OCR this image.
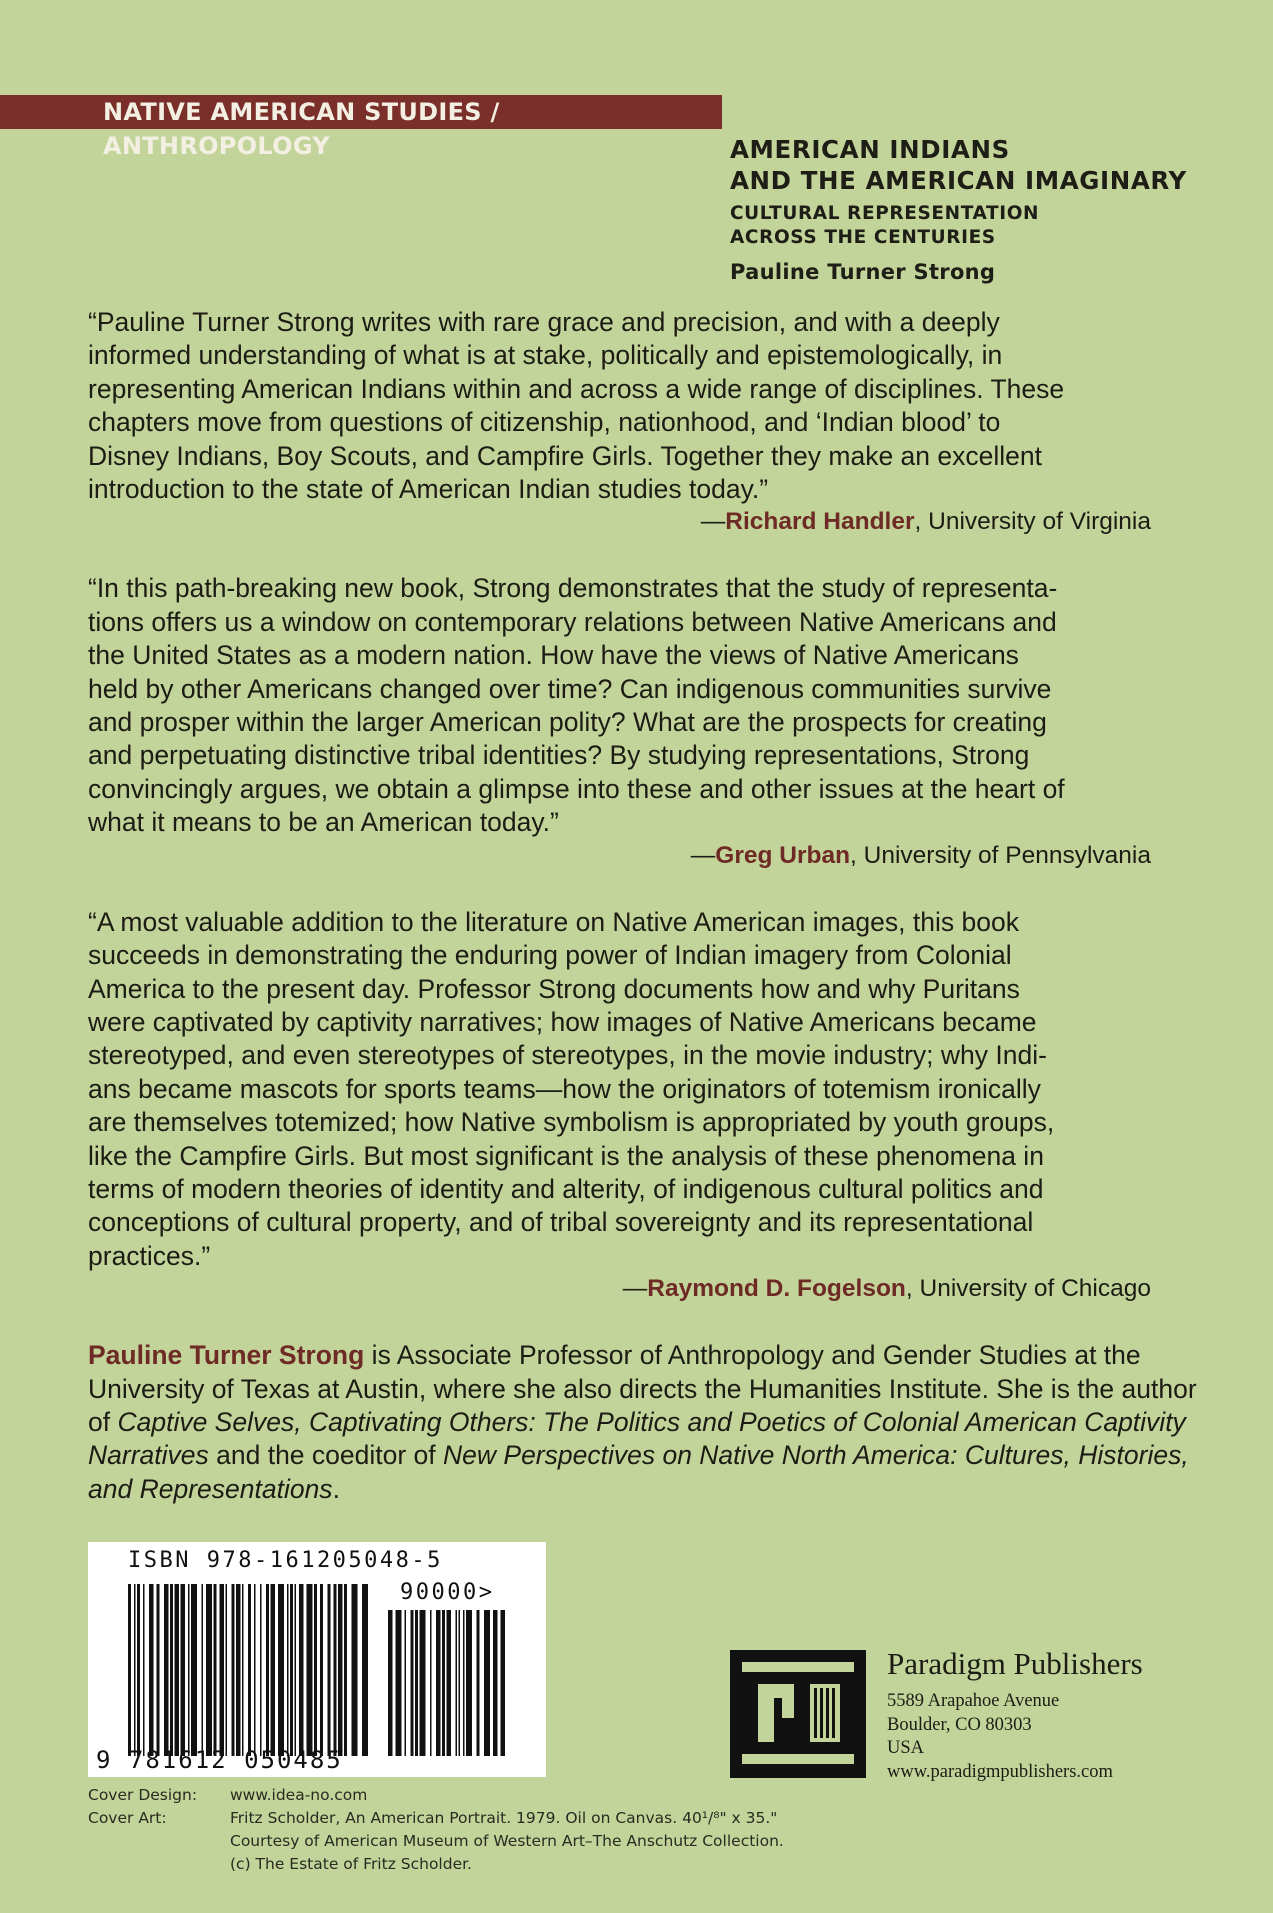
NATIVE AMERICAN STUDIES / ANTHROPOLOGY	AMERICAN INDIANS
AND THE AMERICAN IMAGINARY
CULTURAL REPRESENTATION
ACROSS THE CENTURIES
Pauline Turner Strong
“Pauline Turner Strong writes with rare grace and precision, and with a deeply
informed understanding of what is at stake, politically and epistemologically, in
representing American Indians within and across a wide range of disciplines. These
chapters move from questions of citizenship, nationhood, and ‘Indian blood’ to
Disney Indians, Boy Scouts, and Campfire Girls. Together they make an excellent
introduction to the state of American Indian studies today.”
—Richard Handler, University of Virginia
“In this path-breaking new book, Strong demonstrates that the study of representa-
tions offers us a window on contemporary relations between Native Americans and
the United States as a modern nation. How have the views of Native Americans
held by other Americans changed over time? Can indigenous communities survive
and prosper within the larger American polity? What are the prospects for creating
and perpetuating distinctive tribal identities? By studying representations, Strong
convincingly argues, we obtain a glimpse into these and other issues at the heart of
what it means to be an American today.”
—Greg Urban, University of Pennsylvania
“A most valuable addition to the literature on Native American images, this book
succeeds in demonstrating the enduring power of Indian imagery from Colonial
America to the present day. Professor Strong documents how and why Puritans
were captivated by captivity narratives; how images of Native Americans became
stereotyped, and even stereotypes of stereotypes, in the movie industry; why Indi-
ans became mascots for sports teams—how the originators of totemism ironically
are themselves totemized; how Native symbolism is appropriated by youth groups,
like the Campfire Girls. But most significant is the analysis of these phenomena in
terms of modern theories of identity and alterity, of indigenous cultural politics and
conceptions of cultural property, and of tribal sovereignty and its representational
practices.”
—Raymond D. Fogelson, University of Chicago
Pauline Turner Strong is Associate Professor of Anthropology and Gender Studies at the University of Texas at Austin, where she also directs the Humanities Institute. She is the author of Captive Selves, Captivating Others: The Politics and Poetics of Colonial American Captivity Narratives and the coeditor of New Perspectives on Native North America: Cultures, Histories, and Representations.
ISBN 978-161205048-5
90000>
9 781612 050485
Paradigm Publishers
5589 Arapahoe Avenue
Boulder, CO 80303
USA
www.paradigmpublishers.com
Cover Design:	www.idea-no.com
Cover Art:	Fritz Scholder, An American Portrait. 1979. Oil on Canvas. 40¹/⁸" x 35."
Courtesy of American Museum of Western Art–The Anschutz Collection.
(c) The Estate of Fritz Scholder.
